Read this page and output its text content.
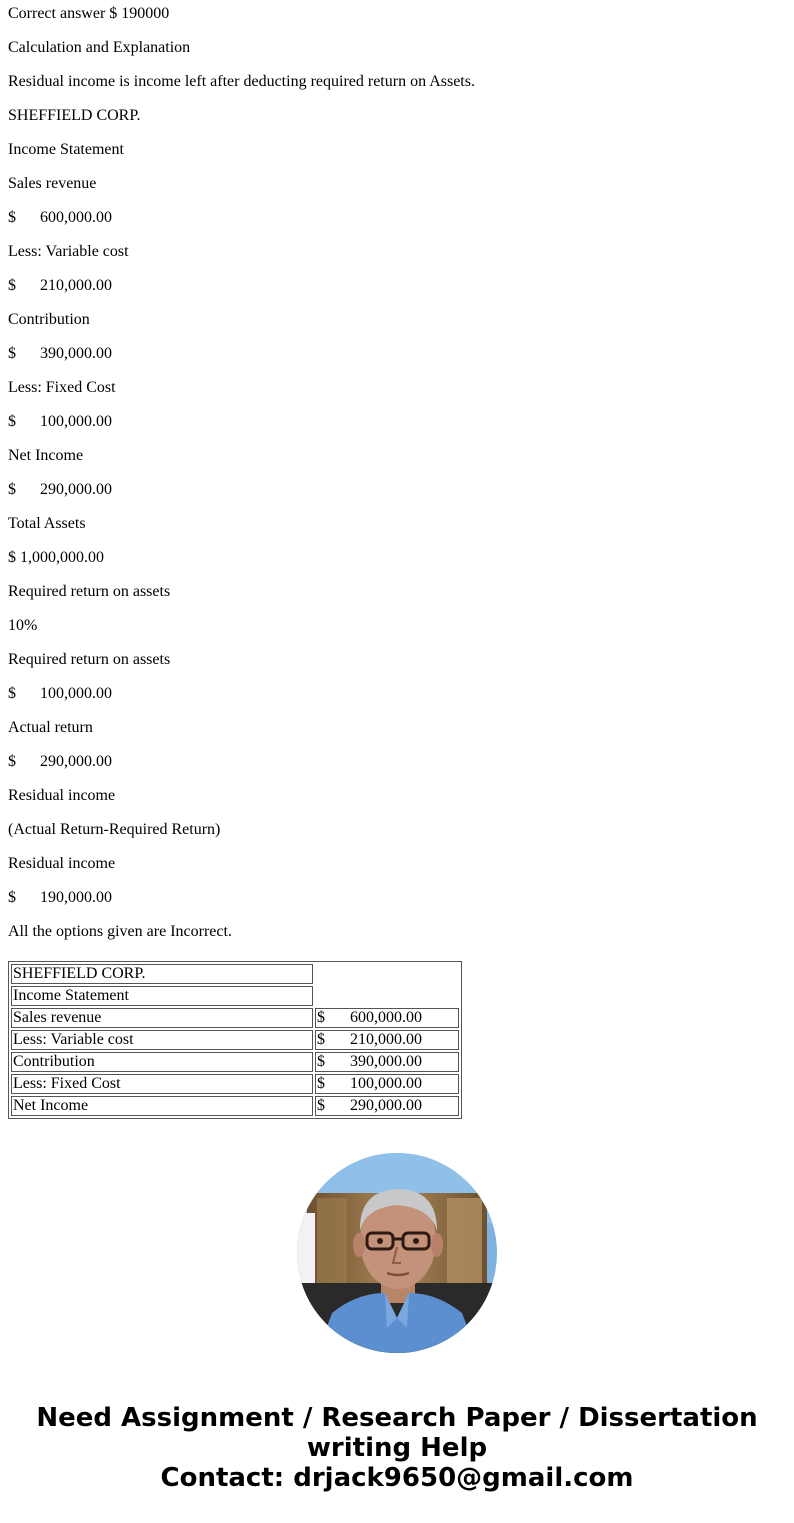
Correct answer $ 190000

Calculation and Explanation

Residual income is income left after deducting required return on Assets.

SHEFFIELD CORP.

Income Statement

Sales revenue

$ 600,000.00

Less: Variable cost

$ 210,000.00

Contribution

$ 390,000.00

Less: Fixed Cost

$ 100,000.00

Net Income

$ 290,000.00

Total Assets

$ 1,000,000.00

Required return on assets

10%

Required return on assets

$ 100,000.00

Actual return

$ 290,000.00

Residual income

(Actual Return-Required Return)

Residual income

$ 190,000.00

All the options given are Incorrect.

SHEFFIELD CORP.	
Income Statement	
Sales revenue	$ 600,000.00
Less: Variable cost	$ 210,000.00
Contribution	$ 390,000.00
Less: Fixed Cost	$ 100,000.00
Net Income	$ 290,000.00
Need Assignment / Research Paper / Dissertation
writing Help
Contact: drjack9650@gmail.com
